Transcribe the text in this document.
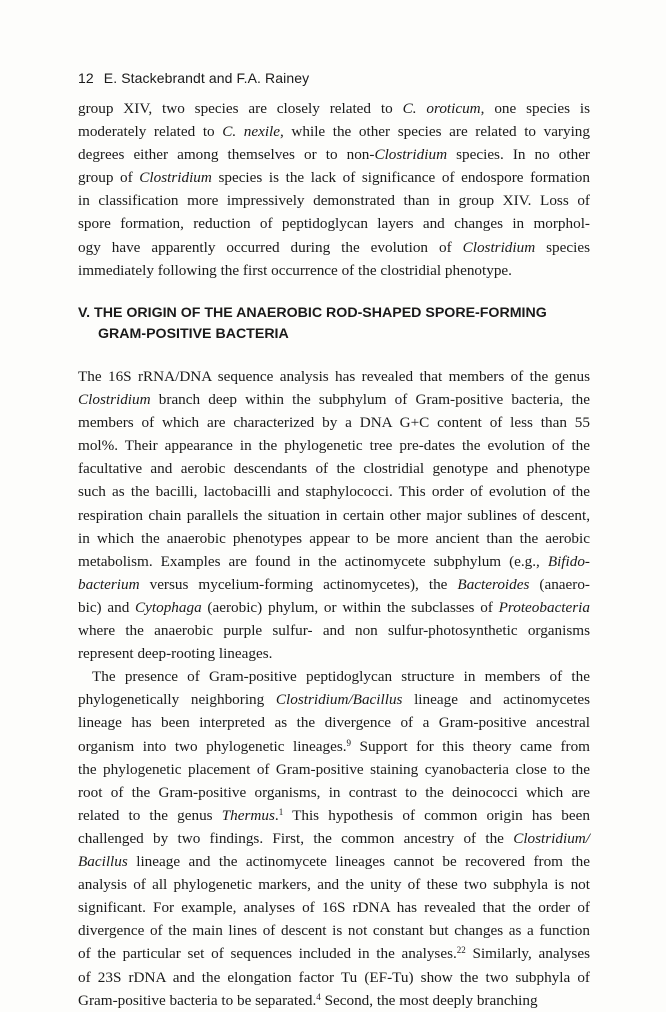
12 E. Stackebrandt and F.A. Rainey
group XIV, two species are closely related to C. oroticum, one species is
moderately related to C. nexile, while the other species are related to varying
degrees either among themselves or to non-Clostridium species. In no other
group of Clostridium species is the lack of significance of endospore formation
in classification more impressively demonstrated than in group XIV. Loss of
spore formation, reduction of peptidoglycan layers and changes in morphol-
ogy have apparently occurred during the evolution of Clostridium species
immediately following the first occurrence of the clostridial phenotype.
V. THE ORIGIN OF THE ANAEROBIC ROD-SHAPED SPORE-FORMING
GRAM-POSITIVE BACTERIA
The 16S rRNA/DNA sequence analysis has revealed that members of the genus
Clostridium branch deep within the subphylum of Gram-positive bacteria, the
members of which are characterized by a DNA G+C content of less than 55
mol%. Their appearance in the phylogenetic tree pre-dates the evolution of the
facultative and aerobic descendants of the clostridial genotype and phenotype
such as the bacilli, lactobacilli and staphylococci. This order of evolution of the
respiration chain parallels the situation in certain other major sublines of descent,
in which the anaerobic phenotypes appear to be more ancient than the aerobic
metabolism. Examples are found in the actinomycete subphylum (e.g., Bifido-
bacterium versus mycelium-forming actinomycetes), the Bacteroides (anaero-
bic) and Cytophaga (aerobic) phylum, or within the subclasses of Proteobacteria
where the anaerobic purple sulfur- and non sulfur-photosynthetic organisms
represent deep-rooting lineages.
The presence of Gram-positive peptidoglycan structure in members of the
phylogenetically neighboring Clostridium/Bacillus lineage and actinomycetes
lineage has been interpreted as the divergence of a Gram-positive ancestral
organism into two phylogenetic lineages.$^9$ Support for this theory came from
the phylogenetic placement of Gram-positive staining cyanobacteria close to the
root of the Gram-positive organisms, in contrast to the deinococci which are
related to the genus Thermus.$^1$ This hypothesis of common origin has been
challenged by two findings. First, the common ancestry of the Clostridium/
Bacillus lineage and the actinomycete lineages cannot be recovered from the
analysis of all phylogenetic markers, and the unity of these two subphyla is not
significant. For example, analyses of 16S rDNA has revealed that the order of
divergence of the main lines of descent is not constant but changes as a function
of the particular set of sequences included in the analyses.$^{22}$ Similarly, analyses
of 23S rDNA and the elongation factor Tu (EF-Tu) show the two subphyla of
Gram-positive bacteria to be separated.$^4$ Second, the most deeply branching
